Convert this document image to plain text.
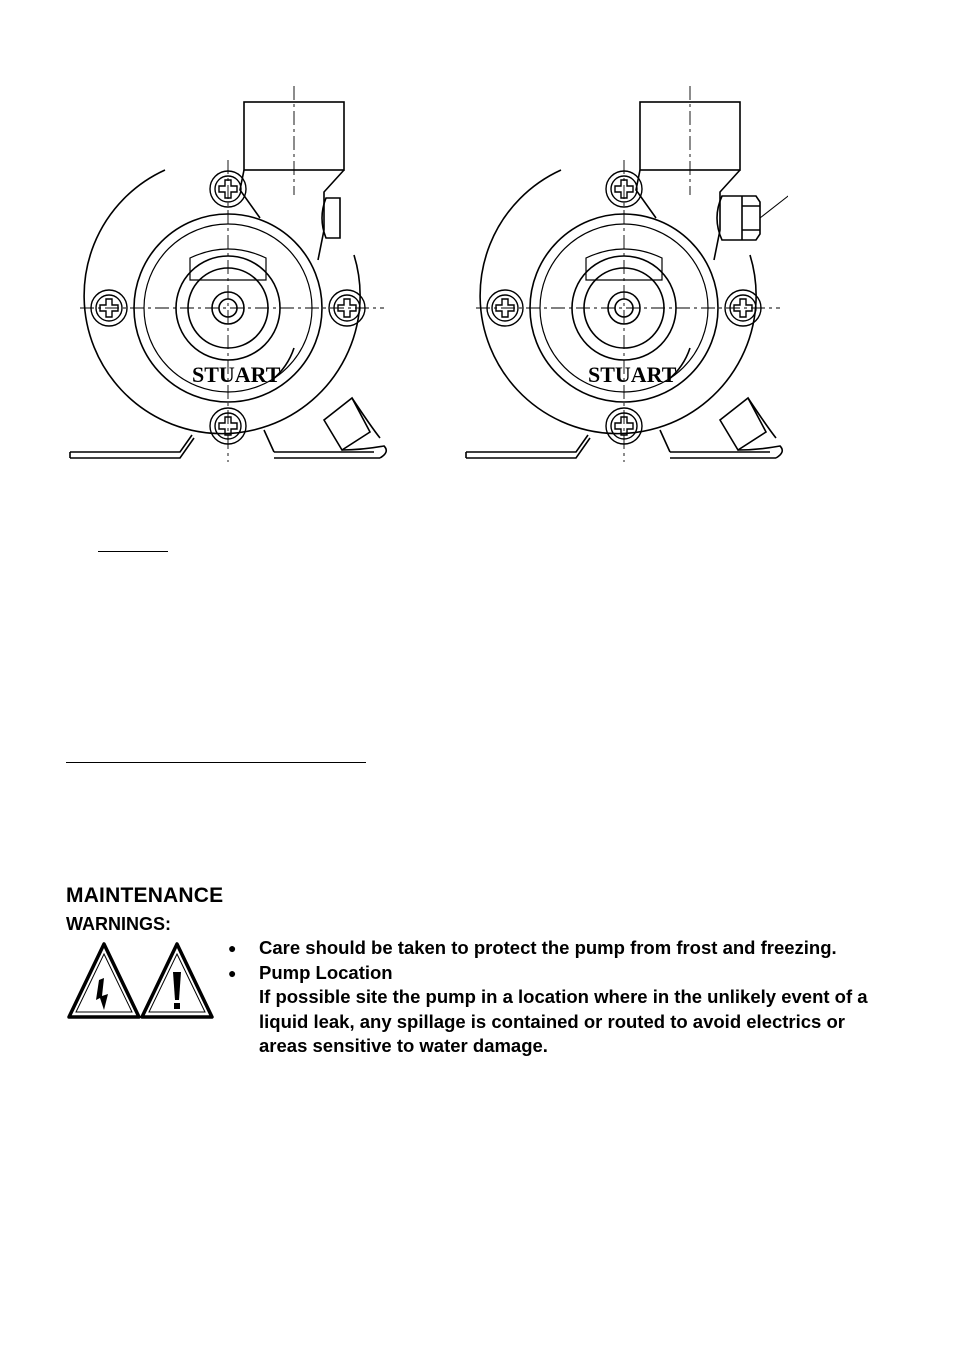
STUART	STUART
MAINTENANCE
WARNINGS:
● Care should be taken to protect the pump from frost and freezing.
● Pump Location
If possible site the pump in a location where in the unlikely event of a liquid leak, any spillage is contained or routed to avoid electrics or areas sensitive to water damage.
